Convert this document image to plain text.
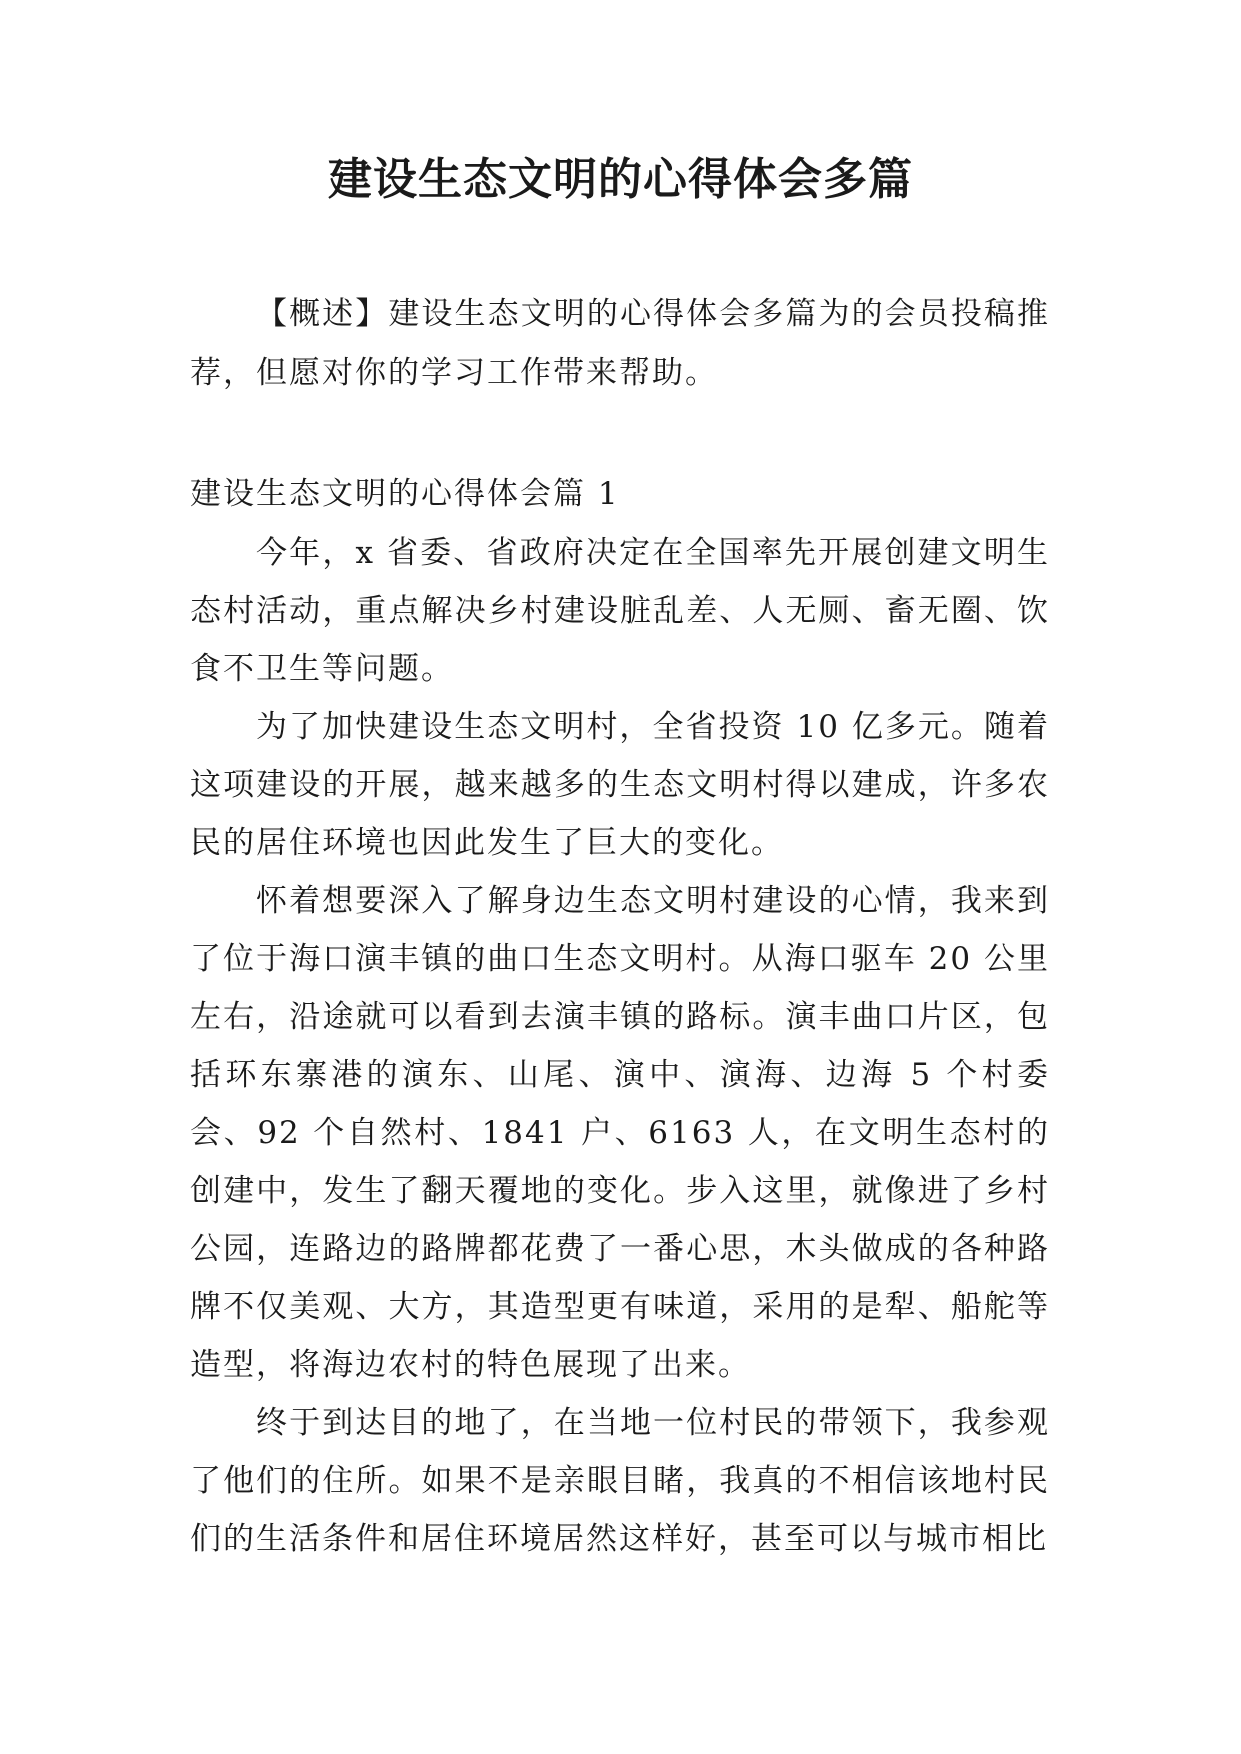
建设生态文明的心得体会多篇

【概述】建设生态文明的心得体会多篇为的会员投稿推荐，但愿对你的学习工作带来帮助。

建设生态文明的心得体会篇 1

今年，x 省委、省政府决定在全国率先开展创建文明生态村活动，重点解决乡村建设脏乱差、人无厕、畜无圈、饮食不卫生等问题。

为了加快建设生态文明村，全省投资 10 亿多元。随着这项建设的开展，越来越多的生态文明村得以建成，许多农民的居住环境也因此发生了巨大的变化。

怀着想要深入了解身边生态文明村建设的心情，我来到了位于海口演丰镇的曲口生态文明村。从海口驱车 20 公里左右，沿途就可以看到去演丰镇的路标。演丰曲口片区，包括环东寨港的演东、山尾、演中、演海、边海 5 个村委会、92 个自然村、1841 户、6163 人，在文明生态村的创建中，发生了翻天覆地的变化。步入这里，就像进了乡村公园，连路边的路牌都花费了一番心思，木头做成的各种路牌不仅美观、大方，其造型更有味道，采用的是犁、船舵等造型，将海边农村的特色展现了出来。

终于到达目的地了，在当地一位村民的带领下，我参观了他们的住所。如果不是亲眼目睹，我真的不相信该地村民们的生活条件和居住环境居然这样好，甚至可以与城市相比
